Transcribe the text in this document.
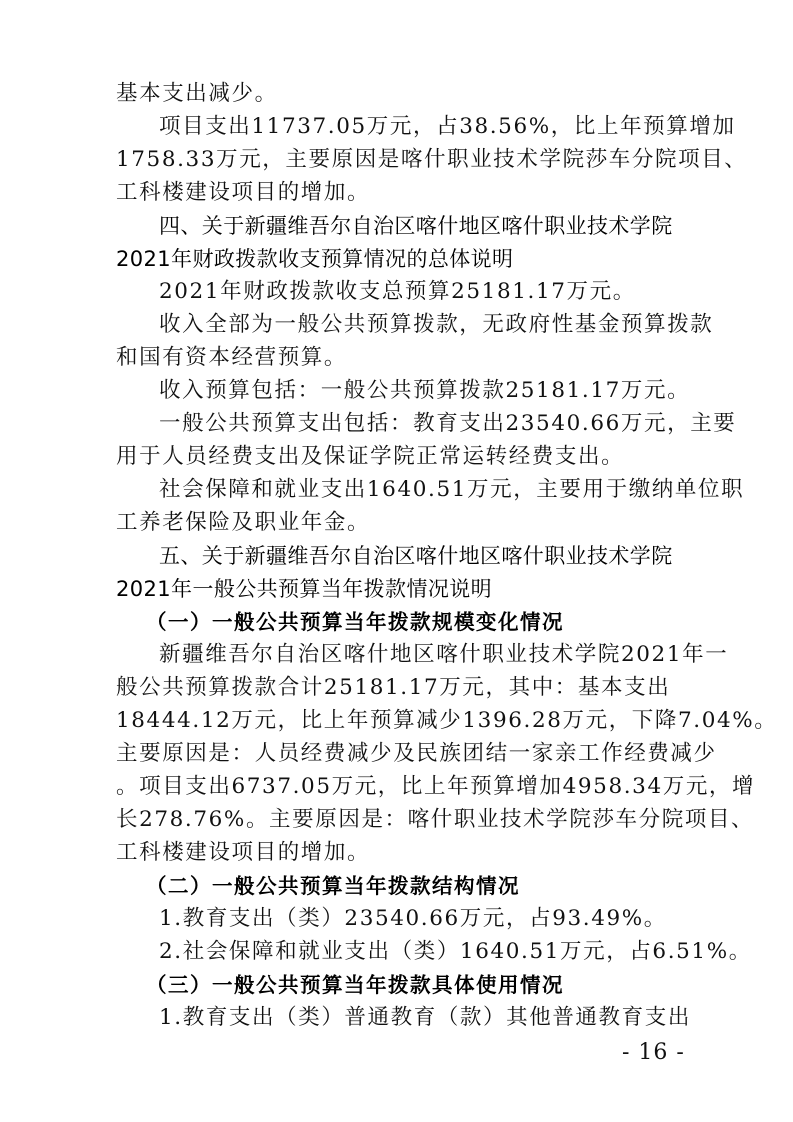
基本支出减少。
项目支出11737.05万元，占38.56%，比上年预算增加
1758.33万元，主要原因是喀什职业技术学院莎车分院项目、
工科楼建设项目的增加。
四、关于新疆维吾尔自治区喀什地区喀什职业技术学院
2021年财政拨款收支预算情况的总体说明
2021年财政拨款收支总预算25181.17万元。
收入全部为一般公共预算拨款，无政府性基金预算拨款
和国有资本经营预算。
收入预算包括：一般公共预算拨款25181.17万元。
一般公共预算支出包括：教育支出23540.66万元，主要
用于人员经费支出及保证学院正常运转经费支出。
社会保障和就业支出1640.51万元，主要用于缴纳单位职
工养老保险及职业年金。
五、关于新疆维吾尔自治区喀什地区喀什职业技术学院
2021年一般公共预算当年拨款情况说明
（一）一般公共预算当年拨款规模变化情况
新疆维吾尔自治区喀什地区喀什职业技术学院2021年一
般公共预算拨款合计25181.17万元，其中：基本支出
18444.12万元，比上年预算减少1396.28万元，下降7.04%。
主要原因是：人员经费减少及民族团结一家亲工作经费减少
。项目支出6737.05万元，比上年预算增加4958.34万元，增
长278.76%。主要原因是：喀什职业技术学院莎车分院项目、
工科楼建设项目的增加。
（二）一般公共预算当年拨款结构情况
1.教育支出（类）23540.66万元，占93.49%。
2.社会保障和就业支出（类）1640.51万元，占6.51%。
（三）一般公共预算当年拨款具体使用情况
1.教育支出（类）普通教育（款）其他普通教育支出
- 16 -
